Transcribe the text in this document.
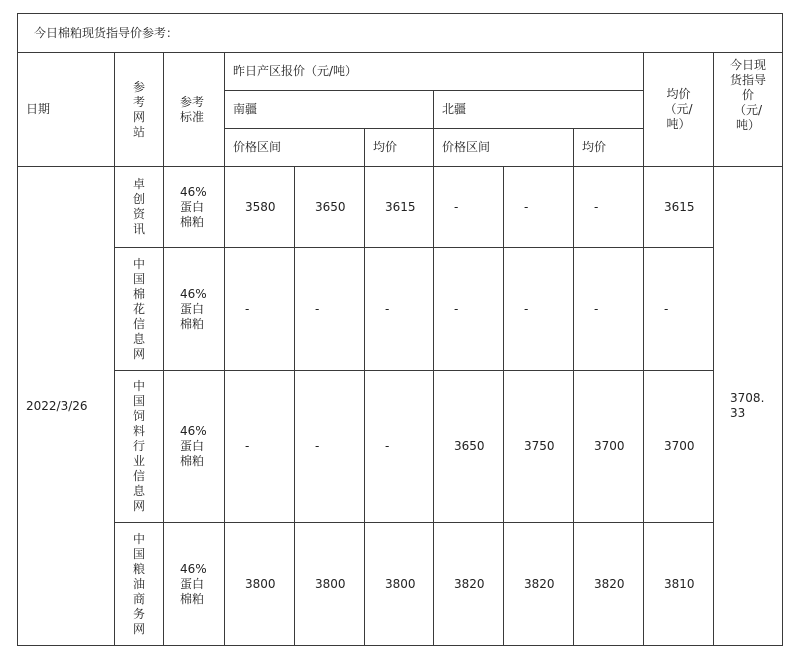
今日棉粕现货指导价参考：										
日期	参考网站	参考标准	昨日产区报价（元/吨）						均价（元/吨）	今日现货指导价（元/吨）

			南疆			北疆				
			价格区间		均价	价格区间		均价		
2022/3/26	卓创资讯	46%蛋白棉粕	3580	3650	3615	-	-	-	3615	3708.33

	中国棉花信息网	46%蛋白棉粕	-	-	-	-	-	-	-	

	中国饲料行业信息网	46%蛋白棉粕	-	-	-	3650	3750	3700	3700	

	中国粮油商务网	46%蛋白棉粕	3800	3800	3800	3820	3820	3820	3810	
